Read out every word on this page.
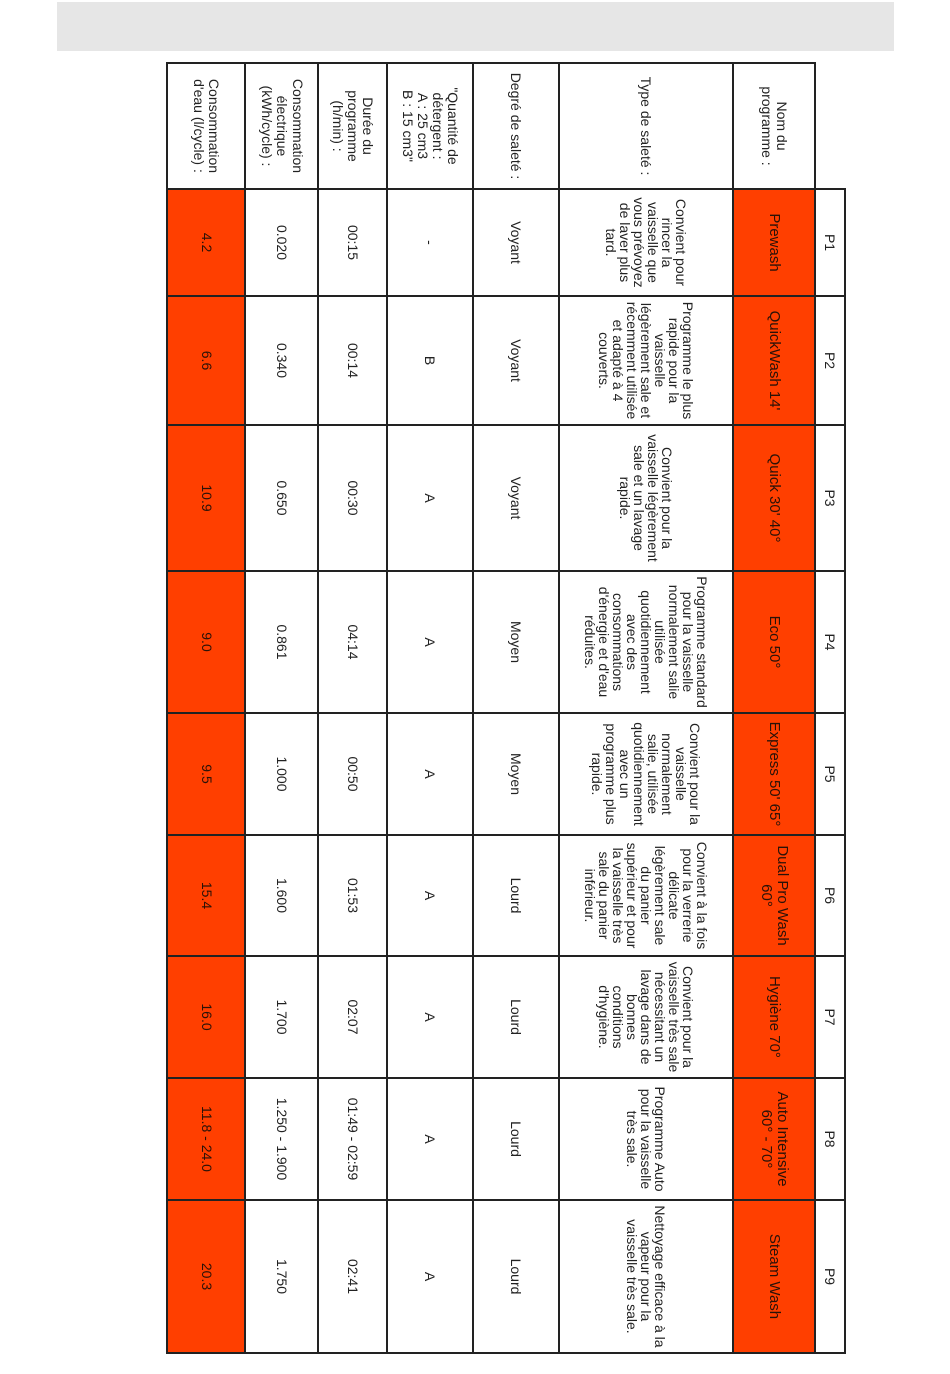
	P1	P2	P3	P4	P5	P6	P7	P8	P9
Nom du programme :	Prewash	QuickWash 14'	Quick 30' 40°	Eco 50°	Express 50' 65°	Dual Pro Wash 60°	Hygiène 70°	Auto Intensive 60° - 70°	Steam Wash
Type de saleté :	Convient pour rincer la vaisselle que vous prévoyez de laver plus tard.	Programme le plus rapide pour la vaisselle légèrement sale et récemment utilisée et adapté à 4 couverts.	Convient pour la vaisselle légèrement sale et un lavage rapide.	Programme standard pour la vaisselle normalement salie utilisée quotidiennement avec des consommations d'énergie et d'eau réduites.	Convient pour la vaisselle normalement salie, utilisée quotidiennement avec un programme plus rapide.	Convient à la fois pour la verrerie délicate légèrement sale du panier supérieur et pour la vaisselle très sale du panier inférieur.	Convient pour la vaisselle très sale nécessitant un lavage dans de bonnes conditions d'hygiène.	Programme Auto pour la vaisselle très sale.	Nettoyage efficace à la vapeur pour la vaisselle très sale.
Degré de saleté :	Voyant	Voyant	Voyant	Moyen	Moyen	Lourd	Lourd	Lourd	Lourd
"Quantité de détergent :
A : 25 cm3
B : 15 cm3"	-	B	A	A	A	A	A	A	A
Durée du programme (h/min) :	00:15	00:14	00:30	04:14	00:50	01:53	02:07	01:49 - 02:59	02:41
Consommation électrique (kWh/cycle) :	0.020	0.340	0.650	0.861	1.000	1.600	1.700	1.250 - 1.900	1.750
Consommation d'eau (l/cycle) :	4.2	6.6	10.9	9.0	9.5	15.4	16.0	11.8 - 24.0	20.3
